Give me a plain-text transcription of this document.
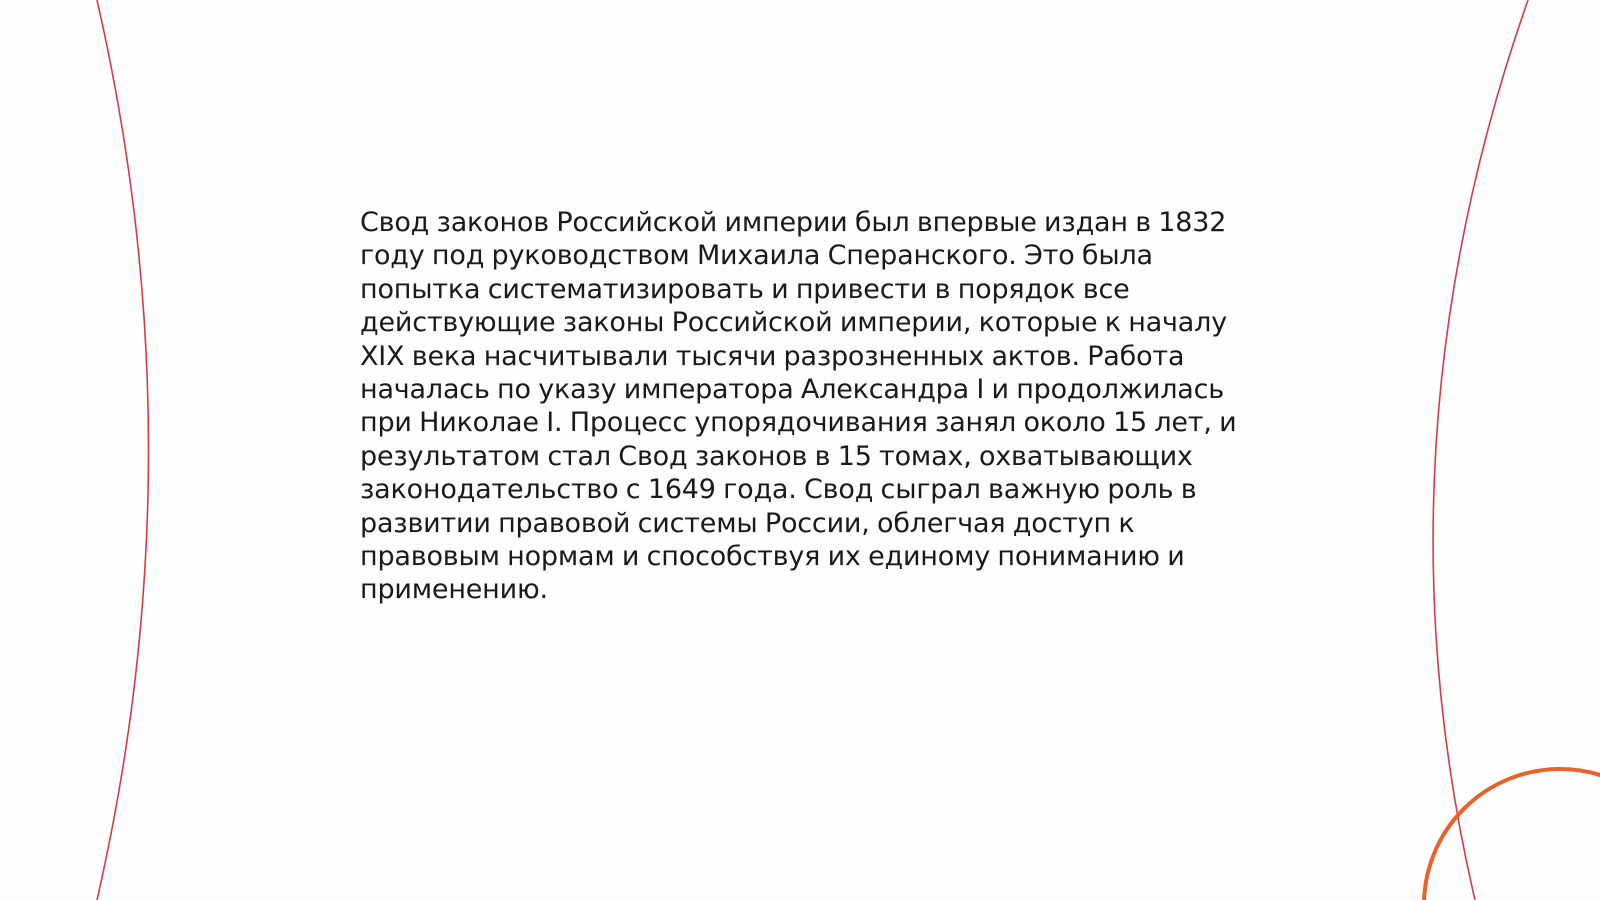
Свод законов Российской империи был впервые издан в 1832 году под руководством Михаила Сперанского. Это была попытка систематизировать и привести в порядок все действующие законы Российской империи, которые к началу XIX века насчитывали тысячи разрозненных актов. Работа началась по указу императора Александра I и продолжилась при Николае I. Процесс упорядочивания занял около 15 лет, и результатом стал Свод законов в 15 томах, охватывающих законодательство с 1649 года. Свод сыграл важную роль в развитии правовой системы России, облегчая доступ к правовым нормам и способствуя их единому пониманию и применению.
